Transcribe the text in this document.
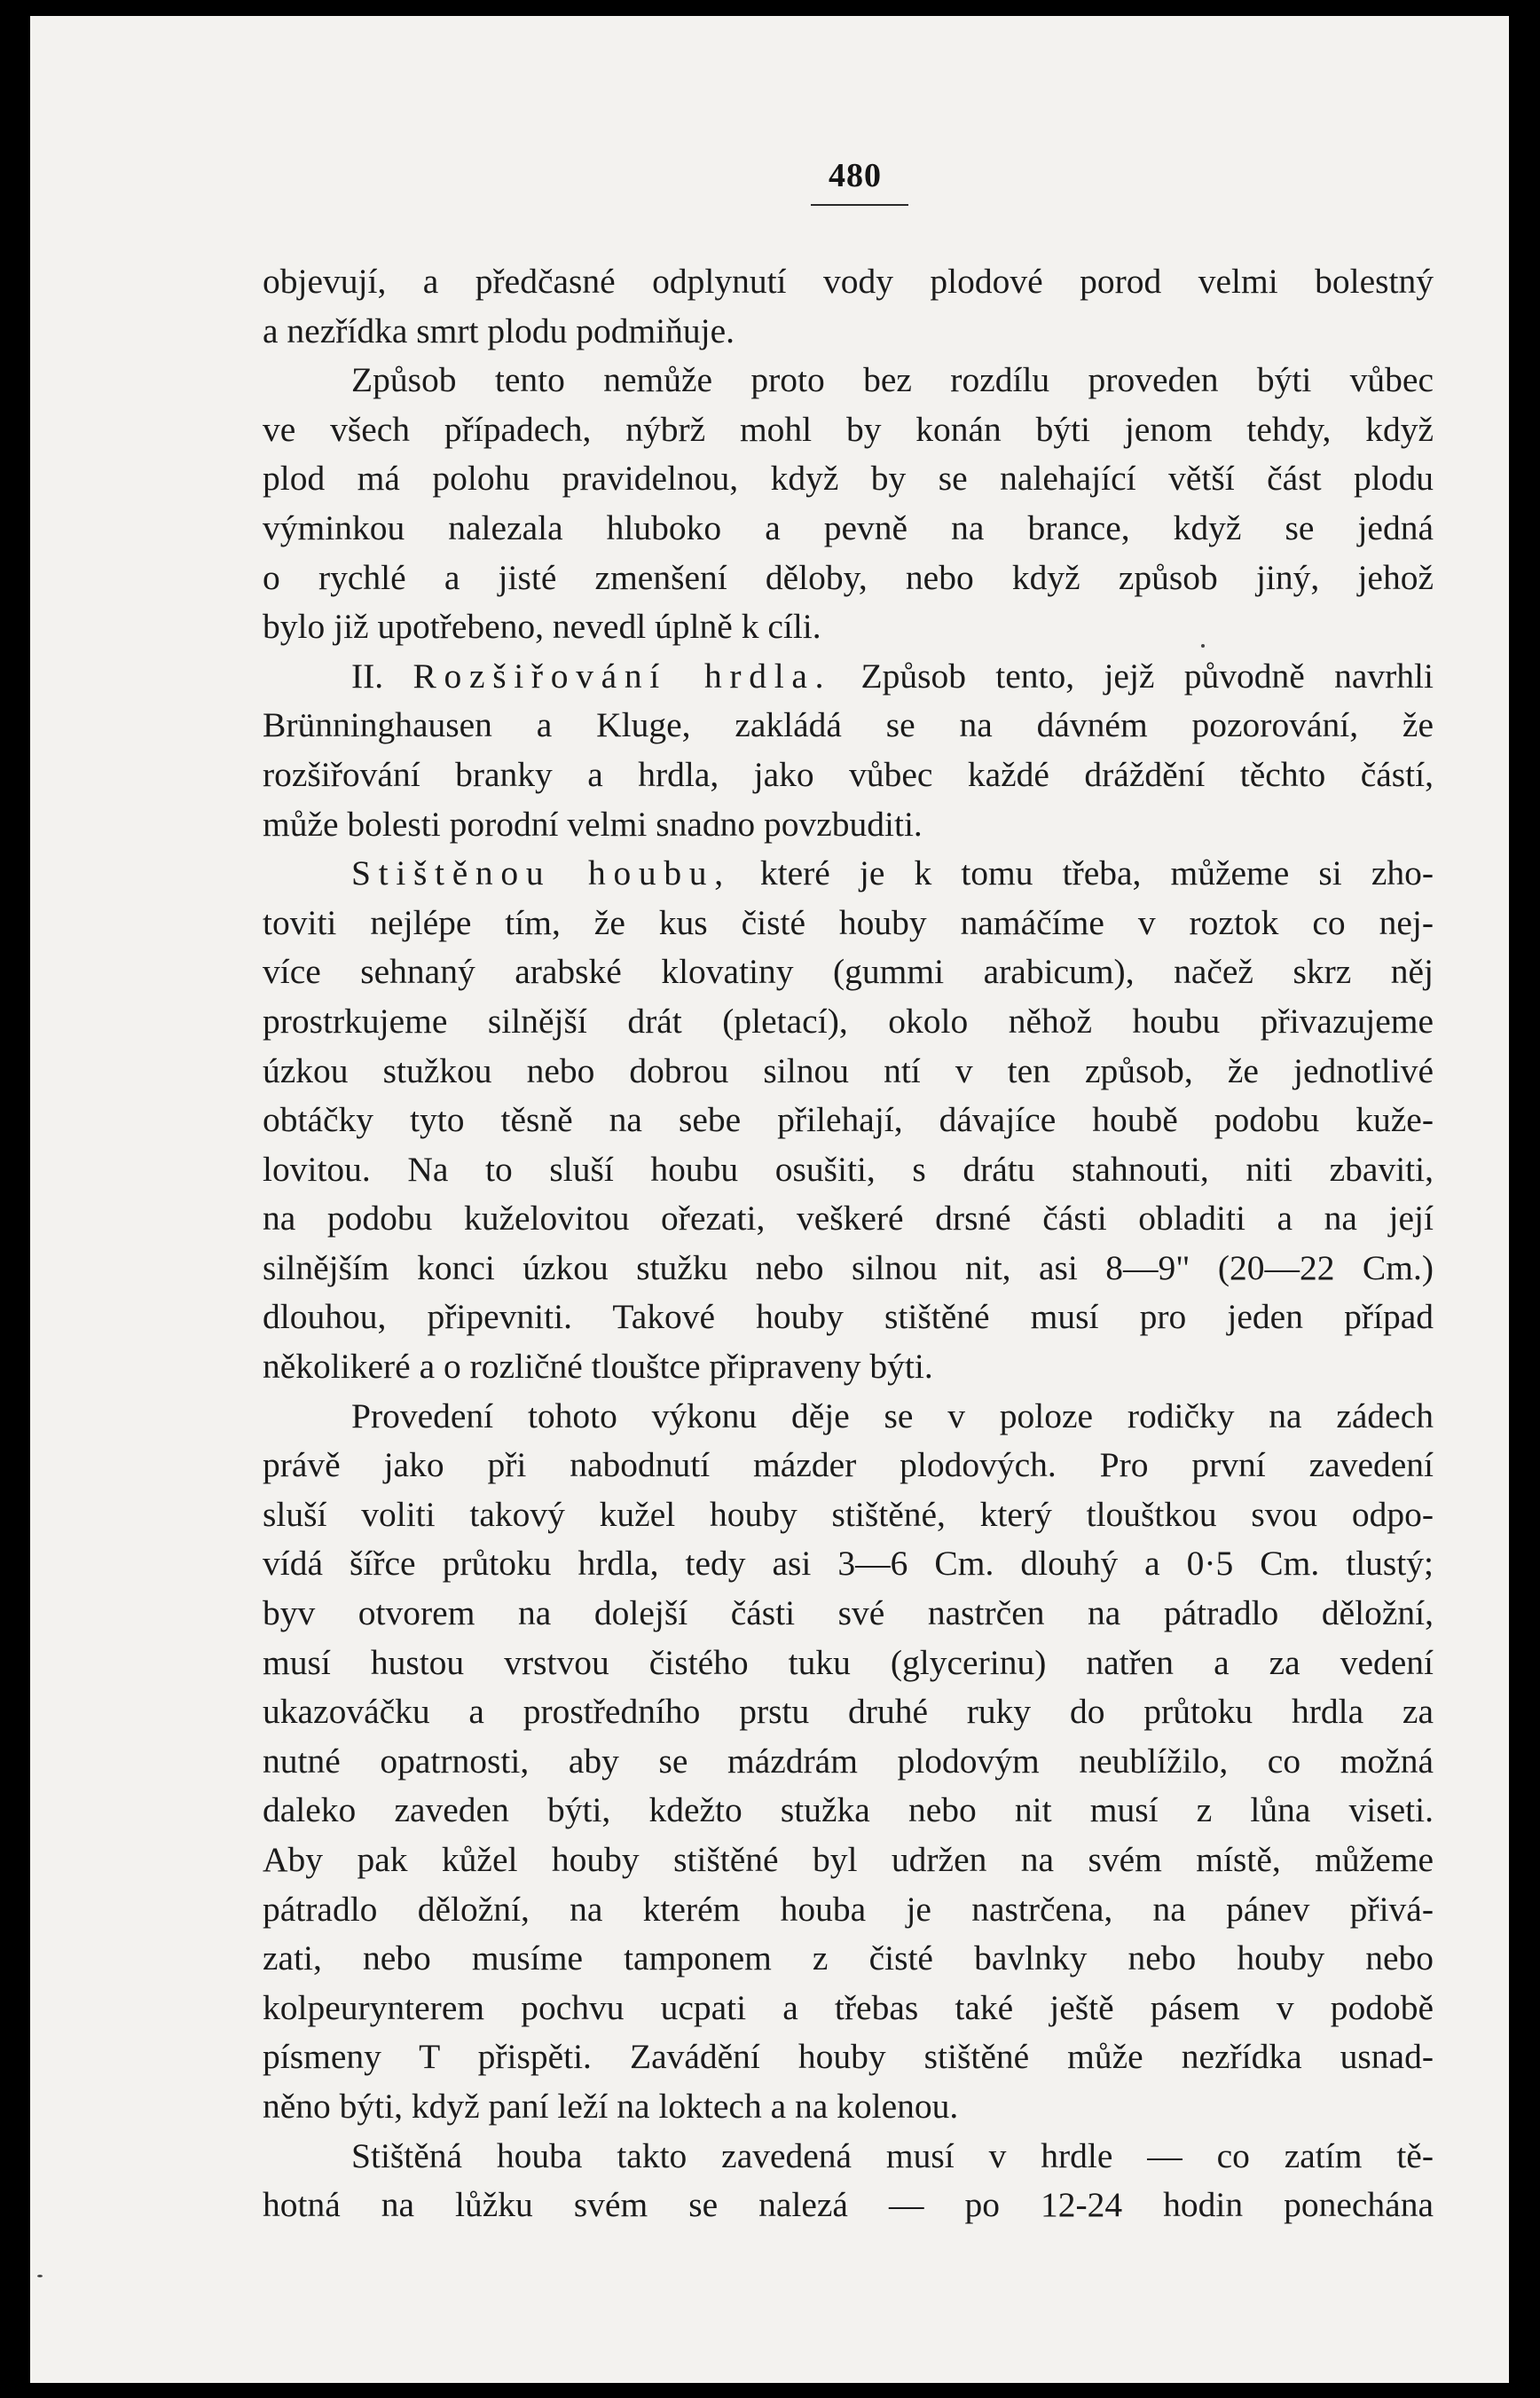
480
objevují, a předčasné odplynutí vody plodové porod velmi bolestný
a nezřídka smrt plodu podmiňuje.
Způsob tento nemůže proto bez rozdílu proveden býti vůbec
ve všech případech, nýbrž mohl by konán býti jenom tehdy, když
plod má polohu pravidelnou, když by se nalehající větší část plodu
výminkou nalezala hluboko a pevně na brance, když se jedná
o rychlé a jisté zmenšení děloby, nebo když způsob jiný, jehož
bylo již upotřebeno, nevedl úplně k cíli.
II. Rozšiřování hrdla. Způsob tento, jejž původně navrhli
Brünninghausen a Kluge, zakládá se na dávném pozorování, že
rozšiřování branky a hrdla, jako vůbec každé dráždění těchto částí,
může bolesti porodní velmi snadno povzbuditi.
Stištěnou houbu, které je k tomu třeba, můžeme si zho-
toviti nejlépe tím, že kus čisté houby namáčíme v roztok co nej-
více sehnaný arabské klovatiny (gummi arabicum), načež skrz něj
prostrkujeme silnější drát (pletací), okolo něhož houbu přivazujeme
úzkou stužkou nebo dobrou silnou ntí v ten způsob, že jednotlivé
obtáčky tyto těsně na sebe přilehají, dávajíce houbě podobu kuže-
lovitou. Na to sluší houbu osušiti, s drátu stahnouti, niti zbaviti,
na podobu kuželovitou ořezati, veškeré drsné části obladiti a na její
silnějším konci úzkou stužku nebo silnou nit, asi 8—9" (20—22 Cm.)
dlouhou, připevniti. Takové houby stištěné musí pro jeden případ
několikeré a o rozličné tlouštce připraveny býti.
Provedení tohoto výkonu děje se v poloze rodičky na zádech
právě jako při nabodnutí mázder plodových. Pro první zavedení
sluší voliti takový kužel houby stištěné, který tlouštkou svou odpo-
vídá šířce průtoku hrdla, tedy asi 3—6 Cm. dlouhý a 0·5 Cm. tlustý;
byv otvorem na dolejší části své nastrčen na pátradlo děložní,
musí hustou vrstvou čistého tuku (glycerinu) natřen a za vedení
ukazováčku a prostředního prstu druhé ruky do průtoku hrdla za
nutné opatrnosti, aby se mázdrám plodovým neublížilo, co možná
daleko zaveden býti, kdežto stužka nebo nit musí z lůna viseti.
Aby pak kůžel houby stištěné byl udržen na svém místě, můžeme
pátradlo děložní, na kterém houba je nastrčena, na pánev přivá-
zati, nebo musíme tamponem z čisté bavlnky nebo houby nebo
kolpeurynterem pochvu ucpati a třebas také ještě pásem v podobě
písmeny T přispěti. Zavádění houby stištěné může nezřídka usnad-
něno býti, když paní leží na loktech a na kolenou.
Stištěná houba takto zavedená musí v hrdle — co zatím tě-
hotná na lůžku svém se nalezá — po 12-24 hodin ponechána
